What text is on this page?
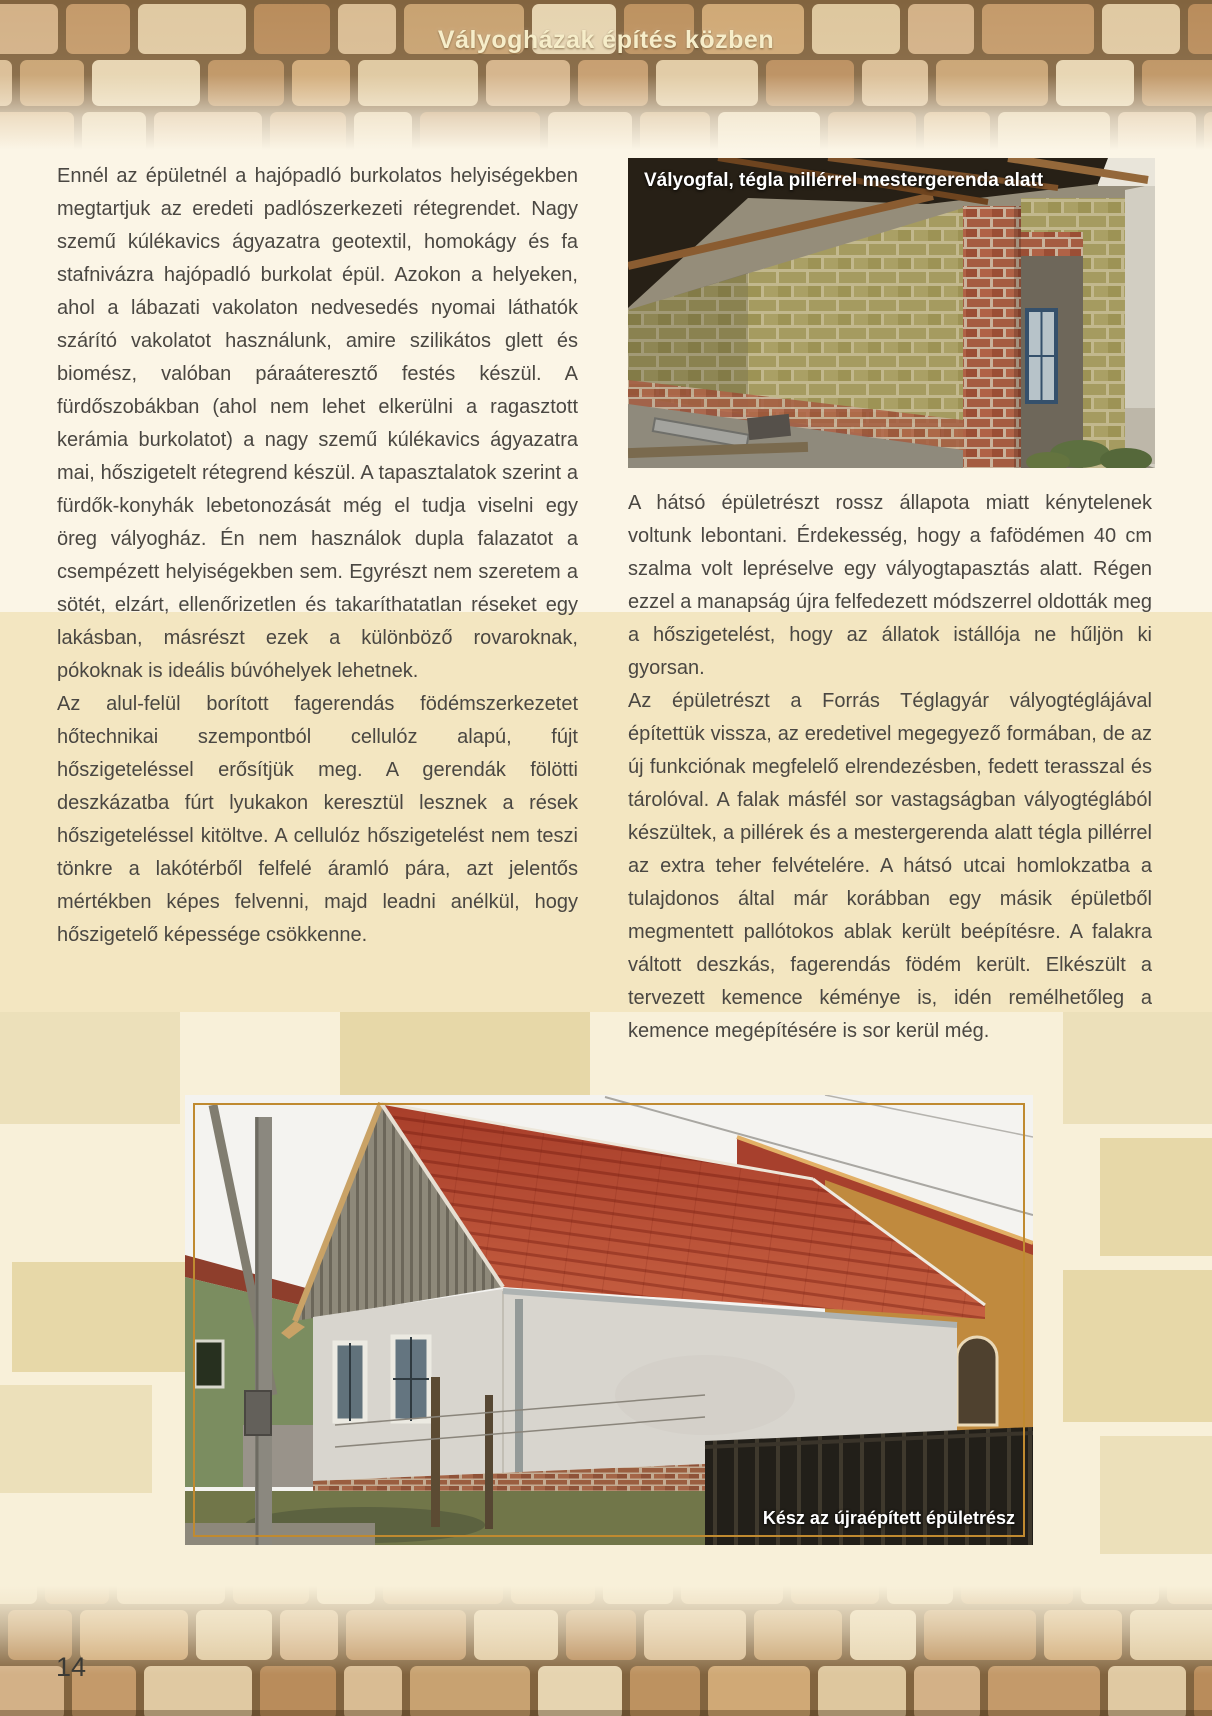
Vályogházak építés közben

Ennél az épületnél a hajópadló burkolatos helyiségekben megtartjuk az eredeti padlószerkezeti rétegrendet. Nagy szemű kúlékavics ágyazatra geotextil, homokágy és fa stafnivázra hajópadló burkolat épül. Azokon a helyeken, ahol a lábazati vakolaton nedvesedés nyomai láthatók szárító vakolatot használunk, amire szilikátos glett és biomész, valóban páraáteresztő festés készül. A fürdőszobákban (ahol nem lehet elkerülni a ragasztott kerámia burkolatot) a nagy szemű kúlékavics ágyazatra mai, hőszigetelt rétegrend készül. A tapasztalatok szerint a fürdők-konyhák lebetonozását még el tudja viselni egy öreg vályogház. Én nem használok dupla falazatot a csempézett helyiségekben sem. Egyrészt nem szeretem a sötét, elzárt, ellenőrizetlen és takaríthatatlan réseket egy lakásban, másrészt ezek a különböző rovaroknak, pókoknak is ideális búvóhelyek lehetnek.

Az alul-felül borított fagerendás födémszerkezetet hőtechnikai szempontból cellulóz alapú, fújt hőszigeteléssel erősítjük meg. A gerendák fölötti deszkázatba fúrt lyukakon keresztül lesznek a rések hőszigeteléssel kitöltve. A cellulóz hőszigetelést nem teszi tönkre a lakótérből felfelé áramló pára, azt jelentős mértékben képes felvenni, majd leadni anélkül, hogy hőszigetelő képessége csökkenne.

A hátsó épületrészt rossz állapota miatt kénytelenek voltunk lebontani. Érdekesség, hogy a fafödémen 40 cm szalma volt lepréselve egy vályogtapasztás alatt. Régen ezzel a manapság újra felfedezett módszerrel oldották meg a hőszigetelést, hogy az állatok istállója ne hűljön ki gyorsan.

Az épületrészt a Forrás Téglagyár vályogtéglájával építettük vissza, az eredetivel megegyező formában, de az új funkciónak megfelelő elrendezésben, fedett terasszal és tárolóval. A falak másfél sor vastagságban vályogtéglából készültek, a pillérek és a mestergerenda alatt tégla pillérrel az extra teher felvételére. A hátsó utcai homlokzatba a tulajdonos által már korábban egy másik épületből megmentett pallótokos ablak került beépítésre. A falakra váltott deszkás, fagerendás födém került. Elkészült a tervezett kemence kéménye is, idén remélhetőleg a kemence megépítésére is sor kerül még.

Vályogfal, tégla pillérrel mestergerenda alatt
Kész az újraépített épületrész
14
